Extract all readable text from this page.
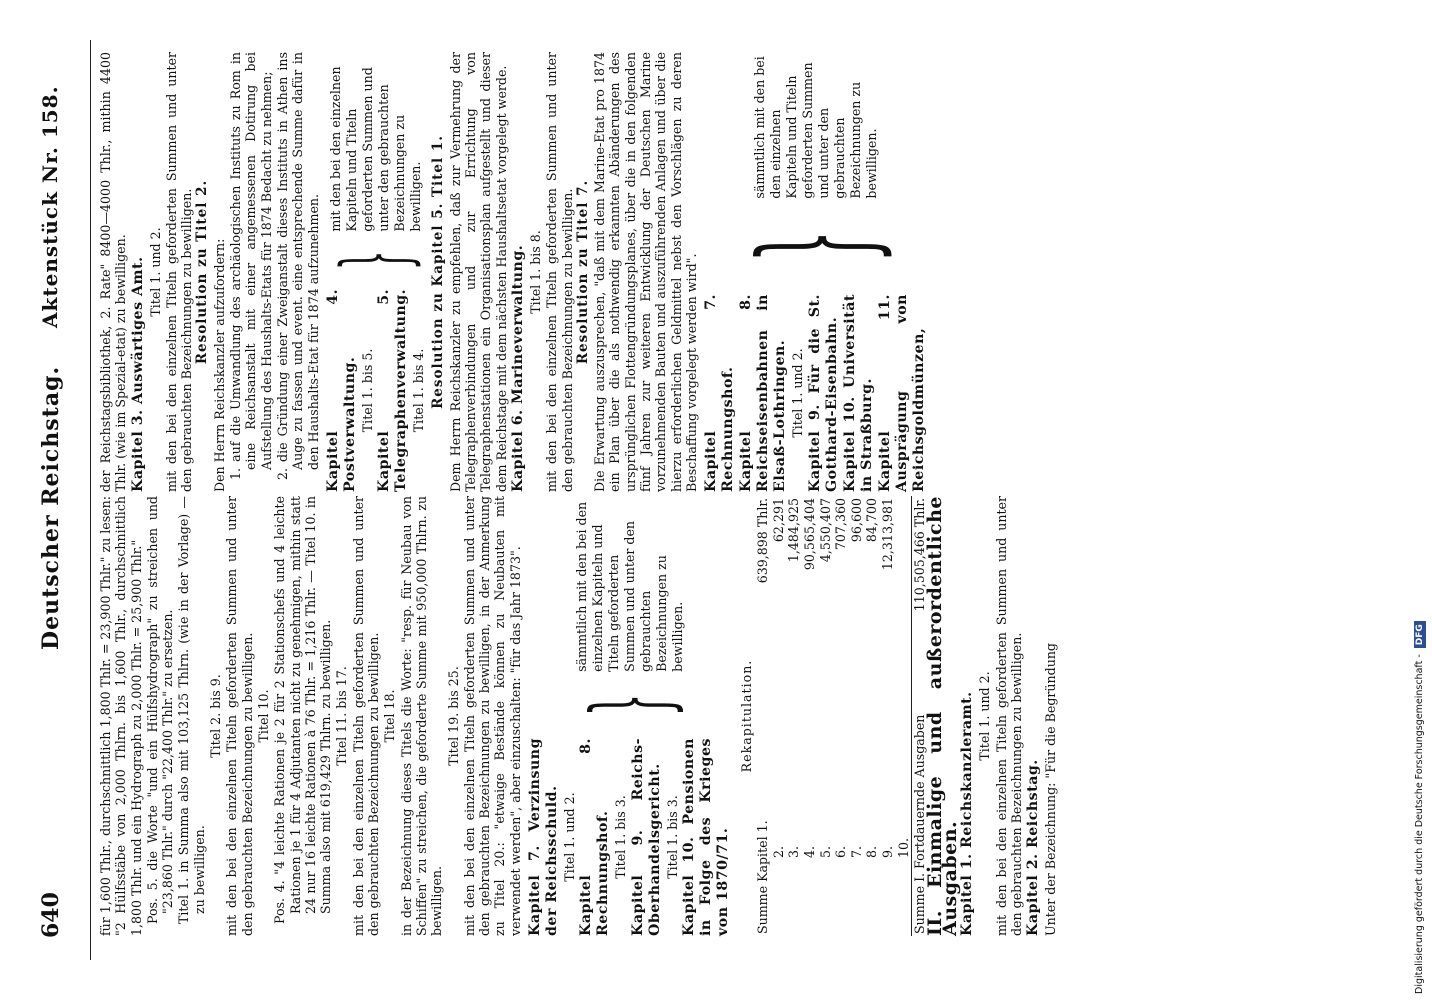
640
Deutscher Reichstag.
Aktenstück Nr. 158.

für 1,600 Thlr., durchschnittlich 1,800 Thlr. = 23,900 Thlr." zu lesen: "2 Hülfsstäbe von 2,000 Thlrn. bis 1,600 Thlr., durchschnittlich 1,800 Thlr. und ein Hydrograph zu 2,000 Thlr. = 25,900 Thlr." Pos. 5. die Worte "und ein Hülfshydrograph" zu streichen und "23,860 Thlr." durch "22,400 Thlr." zu ersetzen. Titel 1. in Summa also mit 103,125 Thlrn. (wie in der Vorlage) — zu bewilligen.

Titel 2. bis 9. mit den bei den einzelnen Titeln geforderten Summen und unter den gebrauchten Bezeichnungen zu bewilligen. Titel 10. Pos. 4. "4 leichte Rationen je 2 für 2 Stationschefs und 4 leichte Rationen je 1 für 4 Adjutanten nicht zu genehmigen, mithin statt 24 nur 16 leichte Rationen à 76 Thlr. = 1,216 Thlr. — Titel 10. in Summa also mit 619,429 Thlrn. zu bewilligen. Titel 11. bis 17. mit den bei den einzelnen Titeln geforderten Summen und unter den gebrauchten Bezeichnungen zu bewilligen. Titel 18. in der Bezeichnung dieses Titels die Worte: "resp. für Neubau von Schiffen" zu streichen, die geforderte Summe mit 950,000 Thlrn. zu bewilligen.

Titel 19. bis 25. mit den bei den einzelnen Titeln geforderten Summen und unter den gebrauchten Bezeichnungen zu bewilligen, in der Anmerkung zu Titel 20.: "etwaige Bestände können zu Neubauten mit verwendet werden", aber einzuschalten: "für das Jahr 1873". Kapitel 7. Verzinsung der Reichsschuld. Titel 1. und 2. Kapitel 8. Rechnungshof. Titel 1. bis 3. Kapitel 9. Reichs-Oberhandelsgericht. Titel 1. bis 3. Kapitel 10. Pensionen in Folge des Krieges von 1870/71.

}
sämmtlich mit den bei den einzelnen Kapiteln und Titeln geforderten Summen und unter den gebrauchten Bezeichnungen zu bewilligen.

Rekapitulation.

Summe Kapitel 1.	639,898 Thlr.
2.	62,291
3.	1,484,925
4.	90,565,404
5.	4,550,407
6.	707,360
7.	96,600
8.	84,700
9.	12,313,981
10.	
Summe I. Fortdauernde Ausgaben	110,505,466 Thlr.

II. Einmalige und außerordentliche Ausgaben.

Kapitel 1. Reichskanzleramt. Titel 1. und 2. mit den bei den einzelnen Titeln geforderten Summen und unter den gebrauchten Bezeichnungen zu bewilligen. Kapitel 2. Reichstag. Unter der Bezeichnung: "Für die Begründung

der Reichstagsbibliothek, 2. Rate" 8400—4000 Thlr., mithin 4400 Thlr. (wie im Spezial-etat) zu bewilligen. Kapitel 3. Auswärtiges Amt. Titel 1. und 2. mit den bei den einzelnen Titeln geforderten Summen und unter den gebrauchten Bezeichnungen zu bewilligen. Resolution zu Titel 2. Den Herrn Reichskanzler aufzufordern: 1. auf die Umwandlung des archäologischen Instituts zu Rom in eine Reichsanstalt mit einer angemessenen Dotirung bei Aufstellung des Haushalts-Etats für 1874 Bedacht zu nehmen; 2. die Gründung einer Zweiganstalt dieses Instituts in Athen ins Auge zu fassen und event. eine entsprechende Summe dafür in den Haushalts-Etat für 1874 aufzunehmen. Kapitel 4. Postverwaltung. Titel 1. bis 5. Kapitel 5. Telegraphenverwaltung. Titel 1. bis 4.

}
mit den bei den einzelnen Kapiteln und Titeln geforderten Summen und unter den gebrauchten Bezeichnungen zu bewilligen. Resolution zu Kapitel 5. Titel 1. Dem Herrn Reichskanzler zu empfehlen, daß zur Vermehrung der Telegraphenverbindungen und zur Errichtung von Telegraphenstationen ein Organisationsplan aufgestellt und dieser dem Reichstage mit dem nächsten Haushaltsetat vorgelegt werde. Kapitel 6. Marineverwaltung. Titel 1. bis 8. mit den bei den einzelnen Titeln geforderten Summen und unter den gebrauchten Bezeichnungen zu bewilligen. Resolution zu Titel 7. Die Erwartung auszusprechen, "daß mit dem Marine-Etat pro 1874 ein Plan über die als nothwendig erkannten Abänderungen des ursprünglichen Flottengründungsplanes, über die in den folgenden fünf Jahren zur weiteren Entwicklung der Deutschen Marine vorzunehmenden Bauten und auszuführenden Anlagen und über die hierzu erforderlichen Geldmittel nebst den Vorschlägen zu deren Beschaffung vorgelegt werden wird". Kapitel 7. Rechnungshof. Kapitel 8. Reichseisenbahnen in Elsaß-Lothringen. Titel 1. und 2. Kapitel 9. Für die St. Gotthard-Eisenbahn. Kapitel 10. Universität in Straßburg. Kapitel 11. Ausprägung von Reichsgoldmünzen,

}
sämmtlich mit den bei den einzelnen Kapiteln und Titeln geforderten Summen und unter den gebrauchten Bezeichnungen zu bewilligen.
Digitalisierung gefördert durch die Deutsche Forschungsgemeinschaft -DFG
